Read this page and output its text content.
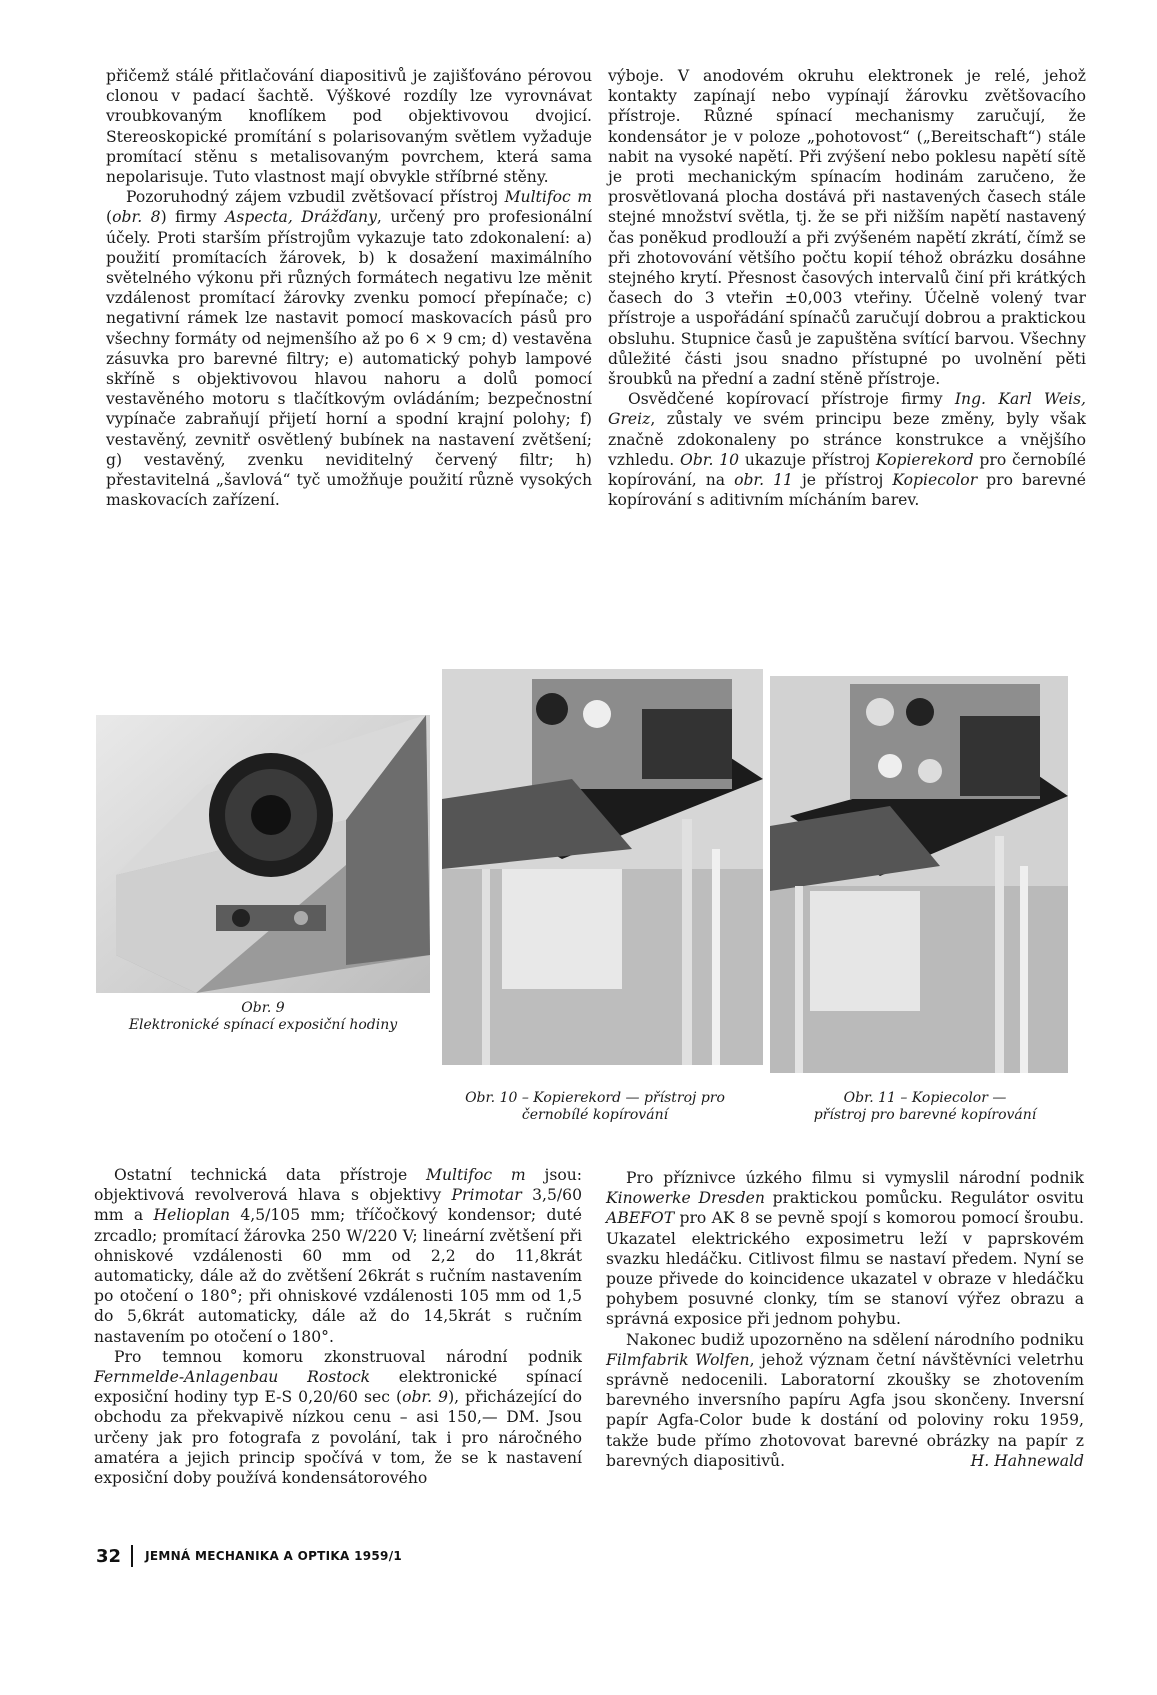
přičemž stálé přitlačování diapositivů je zajišťováno pérovou clonou v padací šachtě. Výškové rozdíly lze vyrovnávat vroubkovaným knoflíkem pod objektivovou dvojicí. Stereoskopické promítání s polarisovaným světlem vyžaduje promítací stěnu s metalisovaným povrchem, která sama nepolarisuje. Tuto vlastnost mají obvykle stříbrné stěny.

Pozoruhodný zájem vzbudil zvětšovací přístroj Multifoc m (obr. 8) firmy Aspecta, Drážďany, určený pro profesionální účely. Proti starším přístrojům vykazuje tato zdokonalení: a) použití promítacích žárovek, b) k dosažení maximálního světelného výkonu při různých formátech negativu lze měnit vzdálenost promítací žárovky zvenku pomocí přepínače; c) negativní rámek lze nastavit pomocí maskovacích pásů pro všechny formáty od nejmenšího až po 6 × 9 cm; d) vestavěna zásuvka pro barevné filtry; e) automatický pohyb lampové skříně s objektivovou hlavou nahoru a dolů pomocí vestavěného motoru s tlačítkovým ovládáním; bezpečnostní vypínače zabraňují přijetí horní a spodní krajní polohy; f) vestavěný, zevnitř osvětlený bubínek na nastavení zvětšení; g) vestavěný, zvenku neviditelný červený filtr; h) přestavitelná „šavlová“ tyč umožňuje použití různě vysokých maskovacích zařízení.

výboje. V anodovém okruhu elektronek je relé, jehož kontakty zapínají nebo vypínají žárovku zvětšovacího přístroje. Různé spínací mechanismy zaručují, že kondensátor je v poloze „pohotovost“ („Bereitschaft“) stále nabit na vysoké napětí. Při zvýšení nebo poklesu napětí sítě je proti mechanickým spínacím hodinám zaručeno, že prosvětlovaná plocha dostává při nastavených časech stále stejné množství světla, tj. že se při nižším napětí nastavený čas poněkud prodlouží a při zvýšeném napětí zkrátí, čímž se při zhotovování většího počtu kopií téhož obrázku dosáhne stejného krytí. Přesnost časových intervalů činí při krátkých časech do 3 vteřin ±0,003 vteřiny. Účelně volený tvar přístroje a uspořádání spínačů zaručují dobrou a praktickou obsluhu. Stupnice časů je zapuštěna svítící barvou. Všechny důležité části jsou snadno přístupné po uvolnění pěti šroubků na přední a zadní stěně přístroje.

Osvědčené kopírovací přístroje firmy Ing. Karl Weis, Greiz, zůstaly ve svém principu beze změny, byly však značně zdokonaleny po stránce konstrukce a vnějšího vzhledu. Obr. 10 ukazuje přístroj Kopierekord pro černobílé kopírování, na obr. 11 je přístroj Kopiecolor pro barevné kopírování s aditivním mícháním barev.

Ostatní technická data přístroje Multifoc m jsou: objektivová revolverová hlava s objektivy Primotar 3,5/60 mm a Helioplan 4,5/105 mm; tříčočkový kondensor; duté zrcadlo; promítací žárovka 250 W/220 V; lineární zvětšení při ohniskové vzdálenosti 60 mm od 2,2 do 11,8krát automaticky, dále až do zvětšení 26krát s ručním nastavením po otočení o 180°; při ohniskové vzdálenosti 105 mm od 1,5 do 5,6krát automaticky, dále až do 14,5krát s ručním nastavením po otočení o 180°.

Pro temnou komoru zkonstruoval národní podnik Fernmelde-Anlagenbau Rostock elektronické spínací exposiční hodiny typ E-S 0,20/60 sec (obr. 9), přicházející do obchodu za překvapivě nízkou cenu – asi 150,— DM. Jsou určeny jak pro fotografa z povolání, tak i pro náročného amatéra a jejich princip spočívá v tom, že se k nastavení exposiční doby používá kondensátorového

Pro příznivce úzkého filmu si vymyslil národní podnik Kinowerke Dresden praktickou pomůcku. Regulátor osvitu ABEFOT pro AK 8 se pevně spojí s komorou pomocí šroubu. Ukazatel elektrického exposimetru leží v paprskovém svazku hledáčku. Citlivost filmu se nastaví předem. Nyní se pouze přivede do koincidence ukazatel v obraze v hledáčku pohybem posuvné clonky, tím se stanoví výřez obrazu a správná exposice při jednom pohybu.

Nakonec budiž upozorněno na sdělení národního podniku Filmfabrik Wolfen, jehož význam četní návštěvníci veletrhu správně nedocenili. Laboratorní zkoušky se zhotovením barevného inversního papíru Agfa jsou skončeny. Inversní papír Agfa-Color bude k dostání od poloviny roku 1959, takže bude přímo zhotovovat barevné obrázky na papír z barevných diapositivů.	H. Hahnewald

Obr. 9
Elektronické spínací exposiční hodiny
Obr. 10 – Kopierekord — přístroj pro
černobílé kopírování
Obr. 11 – Kopiecolor —
přístroj pro barevné kopírování
32 JEMNÁ MECHANIKA A OPTIKA 1959/1
